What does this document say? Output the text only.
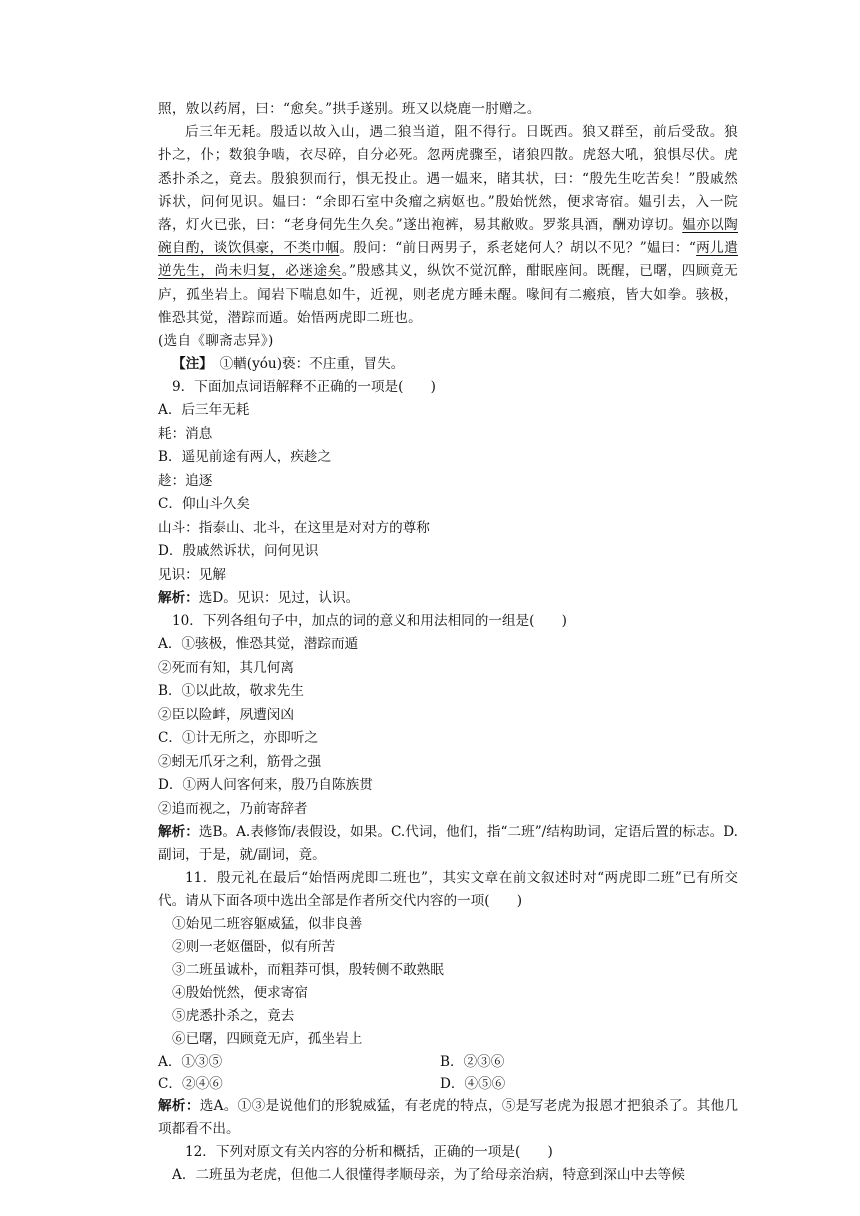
照，敫以药屑，曰：“愈矣。”拱手遂别。班又以烧鹿一肘赠之。

后三年无耗。殷适以故入山，遇二狼当道，阻不得行。日既西。狼又群至，前后受敌。狼扑之，仆；数狼争啮，衣尽碎，自分必死。忽两虎骤至，诸狼四散。虎怒大吼，狼惧尽伏。虎悉扑杀之，竟去。殷狼狈而行，惧无投止。遇一媪来，睹其状，曰：“殷先生吃苦矣！”殷戚然诉状，问何见识。媪曰：“余即石室中灸瘤之病妪也。”殷始恍然，便求寄宿。媪引去，入一院落，灯火已张，曰：“老身伺先生久矣。”遂出袍裤，易其敝败。罗浆具酒，酬劝谆切。媪亦以陶碗自酌，谈饮俱豪，不类巾帼。殷问：“前日两男子，系老姥何人？胡以不见？”媪曰：“两儿遣逆先生，尚未归复，必迷途矣。”殷感其义，纵饮不觉沉醉，酣眠座间。既醒，已曙，四顾竟无庐，孤坐岩上。闻岩下喘息如牛，近视，则老虎方睡未醒。喙间有二瘢痕，皆大如拳。骇极，惟恐其觉，潜踪而遁。始悟两虎即二班也。

(选自《聊斋志异》)

【注】　①輶(yóu)亵：不庄重，冒失。

9．下面加点词语解释不正确的一项是(　　)

A．后三年无耗

耗：消息

B．遥见前途有两人，疾趁之

趁：追逐

C．仰山斗久矣

山斗：指泰山、北斗，在这里是对对方的尊称

D．殷戚然诉状，问何见识

见识：见解

解析：选D。见识：见过，认识。

10．下列各组句子中，加点的词的意义和用法相同的一组是(　　)

A．①骇极，惟恐其觉，潜踪而遁

②死而有知，其几何离

B．①以此故，敬求先生

②臣以险衅，夙遭闵凶

C．①计无所之，亦即听之

②蚓无爪牙之利，筋骨之强

D．①两人问客何来，殷乃自陈族贯

②追而视之，乃前寄辞者

解析：选B。A.表修饰/表假设，如果。C.代词，他们，指“二班”/结构助词，定语后置的标志。D.副词，于是，就/副词，竟。

11．殷元礼在最后“始悟两虎即二班也”，其实文章在前文叙述时对“两虎即二班”已有所交代。请从下面各项中选出全部是作者所交代内容的一项(　　)

①始见二班容躯威猛，似非良善

②则一老妪僵卧，似有所苦

③二班虽诚朴，而粗莽可惧，殷转侧不敢熟眠

④殷始恍然，便求寄宿

⑤虎悉扑杀之，竟去

⑥已曙，四顾竟无庐，孤坐岩上

A．①③⑤	B．②③⑥
C．②④⑥	D．④⑤⑥

解析：选A。①③是说他们的形貌威猛，有老虎的特点，⑤是写老虎为报恩才把狼杀了。其他几项都看不出。

12．下列对原文有关内容的分析和概括，正确的一项是(　　)

A．二班虽为老虎，但他二人很懂得孝顺母亲，为了给母亲治病，特意到深山中去等候
